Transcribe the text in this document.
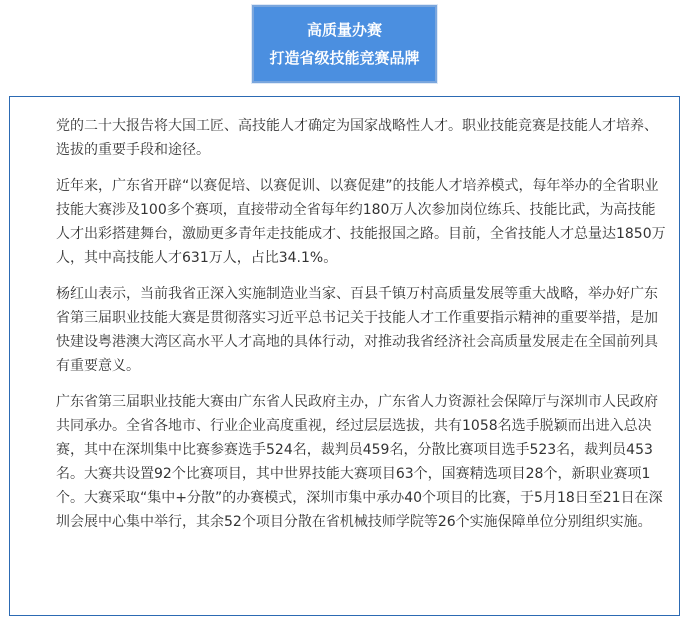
高质量办赛
打造省级技能竞赛品牌

党的二十大报告将大国工匠、高技能人才确定为国家战略性人才。职业技能竞赛是技能人才培养、选拔的重要手段和途径。

近年来，广东省开辟“以赛促培、以赛促训、以赛促建”的技能人才培养模式，每年举办的全省职业技能大赛涉及100多个赛项，直接带动全省每年约180万人次参加岗位练兵、技能比武，为高技能人才出彩搭建舞台，激励更多青年走技能成才、技能报国之路。目前，全省技能人才总量达1850万人，其中高技能人才631万人，占比34.1%。

杨红山表示，当前我省正深入实施制造业当家、百县千镇万村高质量发展等重大战略，举办好广东省第三届职业技能大赛是贯彻落实习近平总书记关于技能人才工作重要指示精神的重要举措，是加快建设粤港澳大湾区高水平人才高地的具体行动，对推动我省经济社会高质量发展走在全国前列具有重要意义。

广东省第三届职业技能大赛由广东省人民政府主办，广东省人力资源社会保障厅与深圳市人民政府共同承办。全省各地市、行业企业高度重视，经过层层选拔，共有1058名选手脱颖而出进入总决赛，其中在深圳集中比赛参赛选手524名，裁判员459名，分散比赛项目选手523名，裁判员453名。大赛共设置92个比赛项目，其中世界技能大赛项目63个，国赛精选项目28个，新职业赛项1个。大赛采取“集中+分散”的办赛模式，深圳市集中承办40个项目的比赛，于5月18日至21日在深圳会展中心集中举行，其余52个项目分散在省机械技师学院等26个实施保障单位分别组织实施。
